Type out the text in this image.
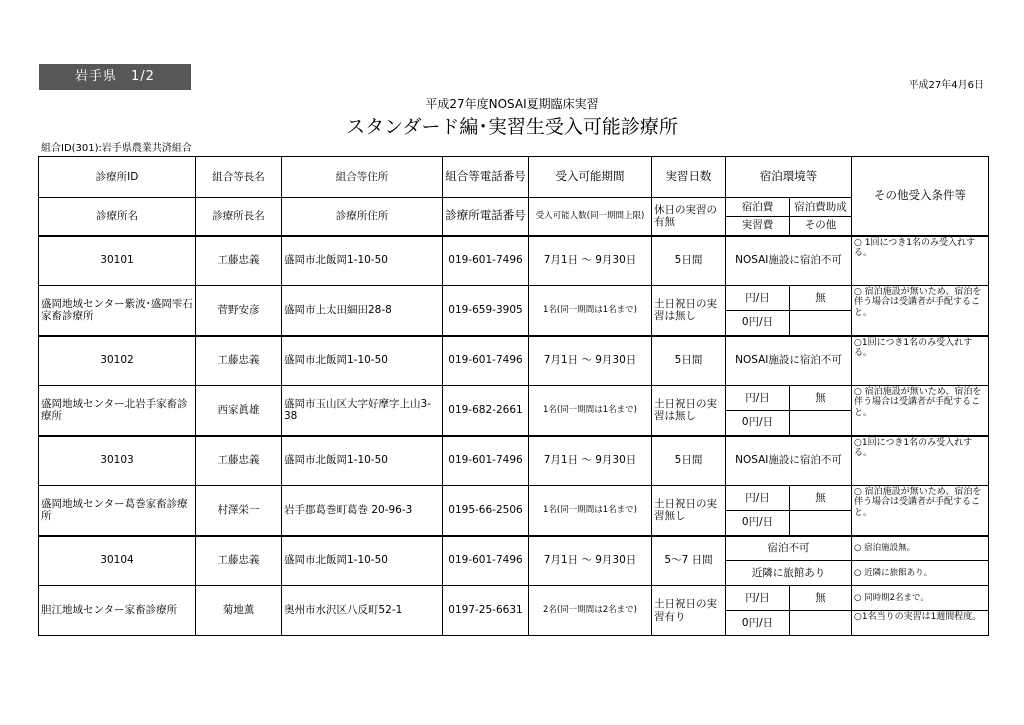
岩手県　1/2
平成27年4月6日
平成27年度NOSAI夏期臨床実習
スタンダード編･実習生受入可能診療所
組合ID(301):岩手県農業共済組合
診療所ID	組合等長名	組合等住所	組合等電話番号	受入可能期間	実習日数	宿泊環境等		その他受入条件等
診療所名	診療所長名	診療所住所	診療所電話番号	受入可能人数(同一期間上限)	休日の実習の有無	宿泊費	宿泊費助成	
						実習費	その他	
30101	工藤忠義	盛岡市北飯岡1-10-50	019-601-7496	7月1日 ～ 9月30日	5日間	NOSAI施設に宿泊不可		○ 1回につき1名のみ受入れする。
盛岡地域センター紫波･盛岡雫石家畜診療所	菅野安彦	盛岡市上太田細田28-8	019-659-3905	1名(同一期間は1名まで)	土日祝日の実習は無し	円/日	無	○ 宿泊施設が無いため、宿泊を伴う場合は受講者が手配すること。
						0円/日		
30102	工藤忠義	盛岡市北飯岡1-10-50	019-601-7496	7月1日 ～ 9月30日	5日間	NOSAI施設に宿泊不可		○1回につき1名のみ受入れする。
盛岡地域センター北岩手家畜診療所	西家眞雄	盛岡市玉山区大字好摩字上山3-38	019-682-2661	1名(同一期間は1名まで)	土日祝日の実習は無し	円/日	無	○ 宿泊施設が無いため、宿泊を伴う場合は受講者が手配すること。
						0円/日		
30103	工藤忠義	盛岡市北飯岡1-10-50	019-601-7496	7月1日 ～ 9月30日	5日間	NOSAI施設に宿泊不可		○1回につき1名のみ受入れする。
盛岡地域センター葛巻家畜診療所	村澤栄一	岩手郡葛巻町葛巻 20-96-3	0195-66-2506	1名(同一期間は1名まで)	土日祝日の実習無し	円/日	無	○ 宿泊施設が無いため、宿泊を伴う場合は受講者が手配すること。
						0円/日		
30104	工藤忠義	盛岡市北飯岡1-10-50	019-601-7496	7月1日 ～ 9月30日	5～7 日間	宿泊不可		○ 宿泊施設無。
						近隣に旅館あり		○ 近隣に旅館あり。
胆江地域センター家畜診療所	菊地薫	奥州市水沢区八反町52-1	0197-25-6631	2名(同一期間は2名まで)	土日祝日の実習有り	円/日	無	○ 同時期2名まで。
						0円/日		○1名当りの実習は1週間程度。
